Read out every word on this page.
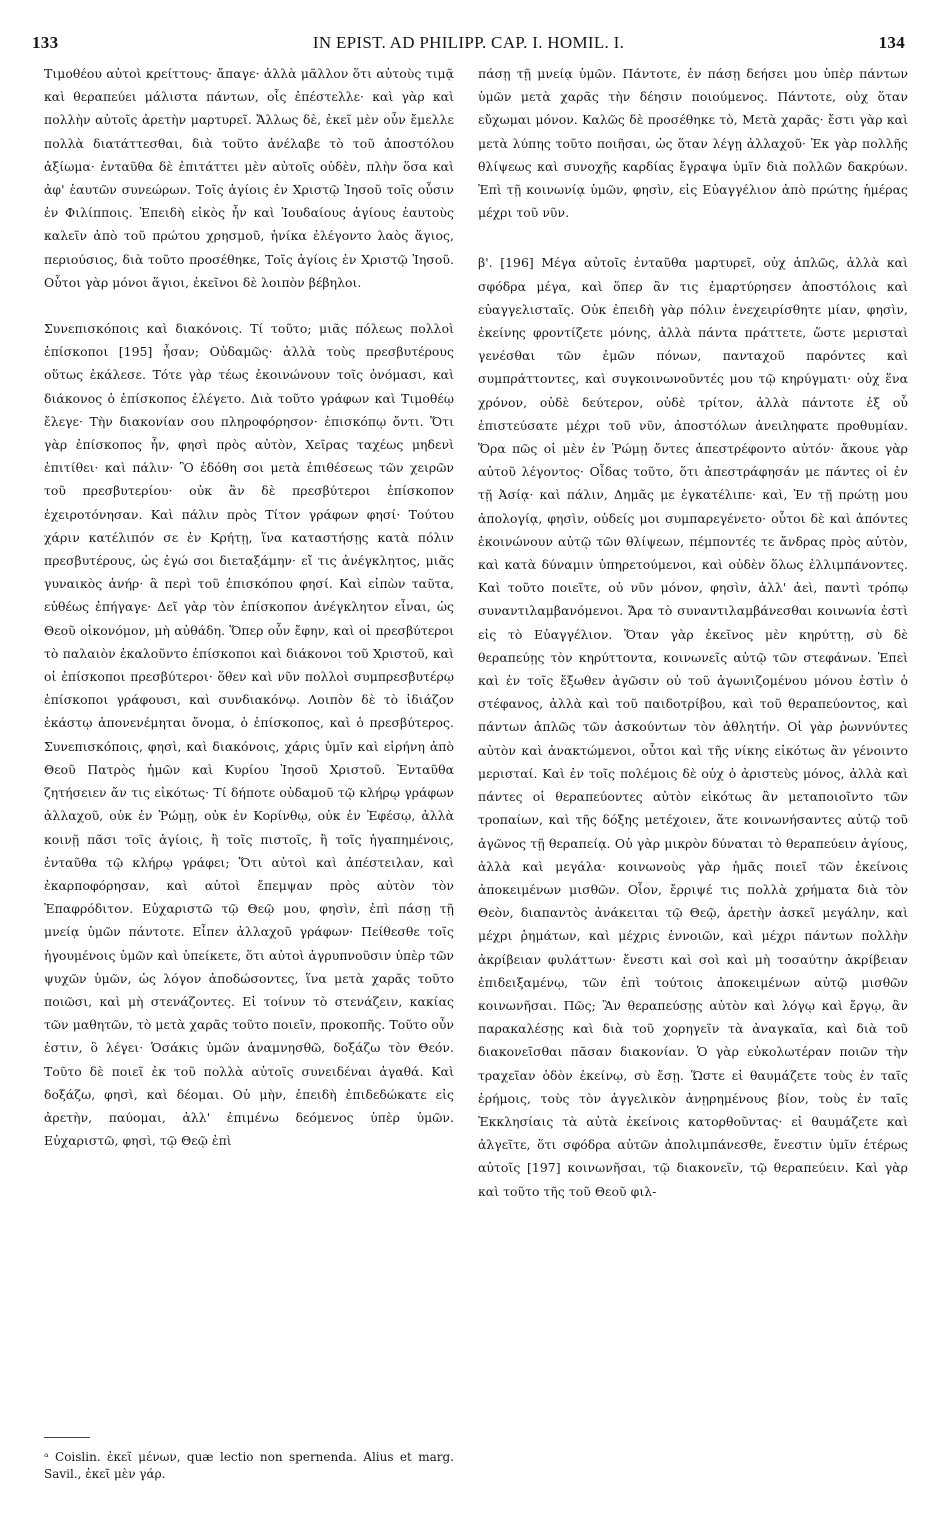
133	IN EPIST. AD PHILIPP. CAP. I. HOMIL. I.	134

Τιμοθέου αὐτοὶ κρείττους· ἄπαγε· ἀλλὰ μᾶλλον ὅτι αὐτοὺς τιμᾷ καὶ θεραπεύει μάλιστα πάντων, οἷς ἐπέστελλε· καὶ γὰρ καὶ πολλὴν αὐτοῖς ἀρετὴν μαρτυρεῖ. Ἄλλως δὲ, ἐκεῖ μὲν οὖν ἔμελλε πολλὰ διατάττεσθαι, διὰ τοῦτο ἀνέλαβε τὸ τοῦ ἀποστόλου ἀξίωμα· ἐνταῦθα δὲ ἐπιτάττει μὲν αὐτοῖς οὐδὲν, πλὴν ὅσα καὶ ἀφ' ἑαυτῶν συνεώρων. Τοῖς ἁγίοις ἐν Χριστῷ Ἰησοῦ τοῖς οὖσιν ἐν Φιλίπποις. Ἐπειδὴ εἰκὸς ἦν καὶ Ἰουδαίους ἁγίους ἑαυτοὺς καλεῖν ἀπὸ τοῦ πρώτου χρησμοῦ, ἡνίκα ἐλέγοντο λαὸς ἅγιος, περιούσιος, διὰ τοῦτο προσέθηκε, Τοῖς ἁγίοις ἐν Χριστῷ Ἰησοῦ. Οὗτοι γὰρ μόνοι ἅγιοι, ἐκεῖνοι δὲ λοιπὸν βέβηλοι.

Συνεπισκόποις καὶ διακόνοις. Τί τοῦτο; μιᾶς πόλεως πολλοὶ ἐπίσκοποι [195] ἦσαν; Οὐδαμῶς· ἀλλὰ τοὺς πρεσβυτέρους οὕτως ἐκάλεσε. Τότε γὰρ τέως ἐκοινώνουν τοῖς ὀνόμασι, καὶ διάκονος ὁ ἐπίσκοπος ἐλέγετο. Διὰ τοῦτο γράφων καὶ Τιμοθέῳ ἔλεγε· Τὴν διακονίαν σου πληροφόρησον· ἐπισκόπῳ ὄντι. Ὅτι γὰρ ἐπίσκοπος ἦν, φησὶ πρὸς αὐτὸν, Χεῖρας ταχέως μηδενὶ ἐπιτίθει· καὶ πάλιν· Ὃ ἐδόθη σοι μετὰ ἐπιθέσεως τῶν χειρῶν τοῦ πρεσβυτερίου· οὐκ ἂν δὲ πρεσβύτεροι ἐπίσκοπον ἐχειροτόνησαν. Καὶ πάλιν πρὸς Τίτον γράφων φησί· Τούτου χάριν κατέλιπόν σε ἐν Κρήτῃ, ἵνα καταστήσῃς κατὰ πόλιν πρεσβυτέρους, ὡς ἐγώ σοι διεταξάμην· εἴ τις ἀνέγκλητος, μιᾶς γυναικὸς ἀνήρ· ἃ περὶ τοῦ ἐπισκόπου φησί. Καὶ εἰπὼν ταῦτα, εὐθέως ἐπήγαγε· Δεῖ γὰρ τὸν ἐπίσκοπον ἀνέγκλητον εἶναι, ὡς Θεοῦ οἰκονόμον, μὴ αὐθάδη. Ὅπερ οὖν ἔφην, καὶ οἱ πρεσβύτεροι τὸ παλαιὸν ἐκαλοῦντο ἐπίσκοποι καὶ διάκονοι τοῦ Χριστοῦ, καὶ οἱ ἐπίσκοποι πρεσβύτεροι· ὅθεν καὶ νῦν πολλοὶ συμπρεσβυτέρῳ ἐπίσκοποι γράφουσι, καὶ συνδιακόνῳ. Λοιπὸν δὲ τὸ ἰδιάζον ἑκάστῳ ἀπονενέμηται ὄνομα, ὁ ἐπίσκοπος, καὶ ὁ πρεσβύτερος. Συνεπισκόποις, φησὶ, καὶ διακόνοις, χάρις ὑμῖν καὶ εἰρήνη ἀπὸ Θεοῦ Πατρὸς ἡμῶν καὶ Κυρίου Ἰησοῦ Χριστοῦ. Ἐνταῦθα ζητήσειεν ἄν τις εἰκότως· Τί δήποτε οὐδαμοῦ τῷ κλήρῳ γράφων ἀλλαχοῦ, οὐκ ἐν Ῥώμῃ, οὐκ ἐν Κορίνθῳ, οὐκ ἐν Ἐφέσῳ, ἀλλὰ κοινῇ πᾶσι τοῖς ἁγίοις, ἢ τοῖς πιστοῖς, ἢ τοῖς ἠγαπημένοις, ἐνταῦθα τῷ κλήρῳ γράφει; Ὅτι αὐτοὶ καὶ ἀπέστειλαν, καὶ ἐκαρποφόρησαν, καὶ αὐτοὶ ἔπεμψαν πρὸς αὐτὸν τὸν Ἐπαφρόδιτον. Εὐχαριστῶ τῷ Θεῷ μου, φησὶν, ἐπὶ πάσῃ τῇ μνείᾳ ὑμῶν πάντοτε. Εἶπεν ἀλλαχοῦ γράφων· Πείθεσθε τοῖς ἡγουμένοις ὑμῶν καὶ ὑπείκετε, ὅτι αὐτοὶ ἀγρυπνοῦσιν ὑπὲρ τῶν ψυχῶν ὑμῶν, ὡς λόγον ἀποδώσοντες, ἵνα μετὰ χαρᾶς τοῦτο ποιῶσι, καὶ μὴ στενάζοντες. Εἰ τοίνυν τὸ στενάζειν, κακίας τῶν μαθητῶν, τὸ μετὰ χαρᾶς τοῦτο ποιεῖν, προκοπῆς. Τοῦτο οὖν ἐστιν, ὃ λέγει· Ὁσάκις ὑμῶν ἀναμνησθῶ, δοξάζω τὸν Θεόν. Τοῦτο δὲ ποιεῖ ἐκ τοῦ πολλὰ αὐτοῖς συνειδέναι ἀγαθά. Καὶ δοξάζω, φησὶ, καὶ δέομαι. Οὐ μὴν, ἐπειδὴ ἐπιδεδώκατε εἰς ἀρετὴν, παύομαι, ἀλλ' ἐπιμένω δεόμενος ὑπὲρ ὑμῶν. Εὐχαριστῶ, φησὶ, τῷ Θεῷ ἐπὶ

πάσῃ τῇ μνείᾳ ὑμῶν. Πάντοτε, ἐν πάσῃ δεήσει μου ὑπὲρ πάντων ὑμῶν μετὰ χαρᾶς τὴν δέησιν ποιούμενος. Πάντοτε, οὐχ ὅταν εὔχωμαι μόνον. Καλῶς δὲ προσέθηκε τὸ, Μετὰ χαρᾶς· ἔστι γὰρ καὶ μετὰ λύπης τοῦτο ποιῆσαι, ὡς ὅταν λέγῃ ἀλλαχοῦ· Ἐκ γὰρ πολλῆς θλίψεως καὶ συνοχῆς καρδίας ἔγραψα ὑμῖν διὰ πολλῶν δακρύων. Ἐπὶ τῇ κοινωνίᾳ ὑμῶν, φησὶν, εἰς Εὐαγγέλιον ἀπὸ πρώτης ἡμέρας μέχρι τοῦ νῦν.

β'. [196] Μέγα αὐτοῖς ἐνταῦθα μαρτυρεῖ, οὐχ ἁπλῶς, ἀλλὰ καὶ σφόδρα μέγα, καὶ ὅπερ ἂν τις ἐμαρτύρησεν ἀποστόλοις καὶ εὐαγγελισταῖς. Οὐκ ἐπειδὴ γὰρ πόλιν ἐνεχειρίσθητε μίαν, φησὶν, ἐκείνης φροντίζετε μόνης, ἀλλὰ πάντα πράττετε, ὥστε μερισταὶ γενέσθαι τῶν ἐμῶν πόνων, πανταχοῦ παρόντες καὶ συμπράττοντες, καὶ συγκοινωνοῦντές μου τῷ κηρύγματι· οὐχ ἕνα χρόνον, οὐδὲ δεύτερον, οὐδὲ τρίτον, ἀλλὰ πάντοτε ἐξ οὗ ἐπιστεύσατε μέχρι τοῦ νῦν, ἀποστόλων ἀνειληφατε προθυμίαν. Ὅρα πῶς οἱ μὲν ἐν Ῥώμῃ ὄντες ἀπεστρέφοντο αὐτόν· ἄκουε γὰρ αὐτοῦ λέγοντος· Οἶδας τοῦτο, ὅτι ἀπεστράφησάν με πάντες οἱ ἐν τῇ Ἀσίᾳ· καὶ πάλιν, Δημᾶς με ἐγκατέλιπε· καὶ, Ἐν τῇ πρώτῃ μου ἀπολογίᾳ, φησὶν, οὐδείς μοι συμπαρεγένετο· οὗτοι δὲ καὶ ἀπόντες ἐκοινώνουν αὐτῷ τῶν θλίψεων, πέμποντές τε ἄνδρας πρὸς αὐτὸν, καὶ κατὰ δύναμιν ὑπηρετούμενοι, καὶ οὐδὲν ὅλως ἐλλιμπάνοντες. Καὶ τοῦτο ποιεῖτε, οὐ νῦν μόνον, φησὶν, ἀλλ' ἀεὶ, παντὶ τρόπῳ συναντιλαμβανόμενοι. Ἄρα τὸ συναντιλαμβάνεσθαι κοινωνία ἐστὶ εἰς τὸ Εὐαγγέλιον. Ὅταν γὰρ ἐκεῖνος μὲν κηρύττῃ, σὺ δὲ θεραπεύῃς τὸν κηρύττοντα, κοινωνεῖς αὐτῷ τῶν στεφάνων. Ἐπεὶ καὶ ἐν τοῖς ἔξωθεν ἀγῶσιν οὐ τοῦ ἀγωνιζομένου μόνου ἐστὶν ὁ στέφανος, ἀλλὰ καὶ τοῦ παιδοτρίβου, καὶ τοῦ θεραπεύοντος, καὶ πάντων ἁπλῶς τῶν ἀσκούντων τὸν ἀθλητήν. Οἱ γὰρ ῥωννύντες αὐτὸν καὶ ἀνακτώμενοι, οὗτοι καὶ τῆς νίκης εἰκότως ἂν γένοιντο μερισταί. Καὶ ἐν τοῖς πολέμοις δὲ οὐχ ὁ ἀριστεὺς μόνος, ἀλλὰ καὶ πάντες οἱ θεραπεύοντες αὐτὸν εἰκότως ἂν μεταποιοῖντο τῶν τροπαίων, καὶ τῆς δόξης μετέχοιεν, ἅτε κοινωνήσαντες αὐτῷ τοῦ ἀγῶνος τῇ θεραπείᾳ. Οὐ γὰρ μικρὸν δύναται τὸ θεραπεύειν ἁγίους, ἀλλὰ καὶ μεγάλα· κοινωνοὺς γὰρ ἡμᾶς ποιεῖ τῶν ἐκείνοις ἀποκειμένων μισθῶν. Οἷον, ἔρριψέ τις πολλὰ χρήματα διὰ τὸν Θεὸν, διαπαντὸς ἀνάκειται τῷ Θεῷ, ἀρετὴν ἀσκεῖ μεγάλην, καὶ μέχρι ῥημάτων, καὶ μέχρις ἐννοιῶν, καὶ μέχρι πάντων πολλὴν ἀκρίβειαν φυλάττων· ἔνεστι καὶ σοὶ καὶ μὴ τοσαύτην ἀκρίβειαν ἐπιδειξαμένῳ, τῶν ἐπὶ τούτοις ἀποκειμένων αὐτῷ μισθῶν κοινωνῆσαι. Πῶς; Ἂν θεραπεύσῃς αὐτὸν καὶ λόγῳ καὶ ἔργῳ, ἂν παρακαλέσῃς καὶ διὰ τοῦ χορηγεῖν τὰ ἀναγκαῖα, καὶ διὰ τοῦ διακονεῖσθαι πᾶσαν διακονίαν. Ὁ γὰρ εὐκολωτέραν ποιῶν τὴν τραχεῖαν ὁδὸν ἐκείνῳ, σὺ ἔσῃ. Ὥστε εἰ θαυμάζετε τοὺς ἐν ταῖς ἐρήμοις, τοὺς τὸν ἀγγελικὸν ἀνῃρημένους βίον, τοὺς ἐν ταῖς Ἐκκλησίαις τὰ αὐτὰ ἐκείνοις κατορθοῦντας· εἰ θαυμάζετε καὶ ἀλγεῖτε, ὅτι σφόδρα αὐτῶν ἀπολιμπάνεσθε, ἔνεστιν ὑμῖν ἑτέρως αὐτοῖς [197] κοινωνῆσαι, τῷ διακονεῖν, τῷ θεραπεύειν. Καὶ γὰρ καὶ τοῦτο τῆς τοῦ Θεοῦ φιλ-

ᵃ Coislin. ἐκεῖ μένων, quæ lectio non spernenda. Alius et marg. Savil., ἐκεῖ μὲν γάρ.
